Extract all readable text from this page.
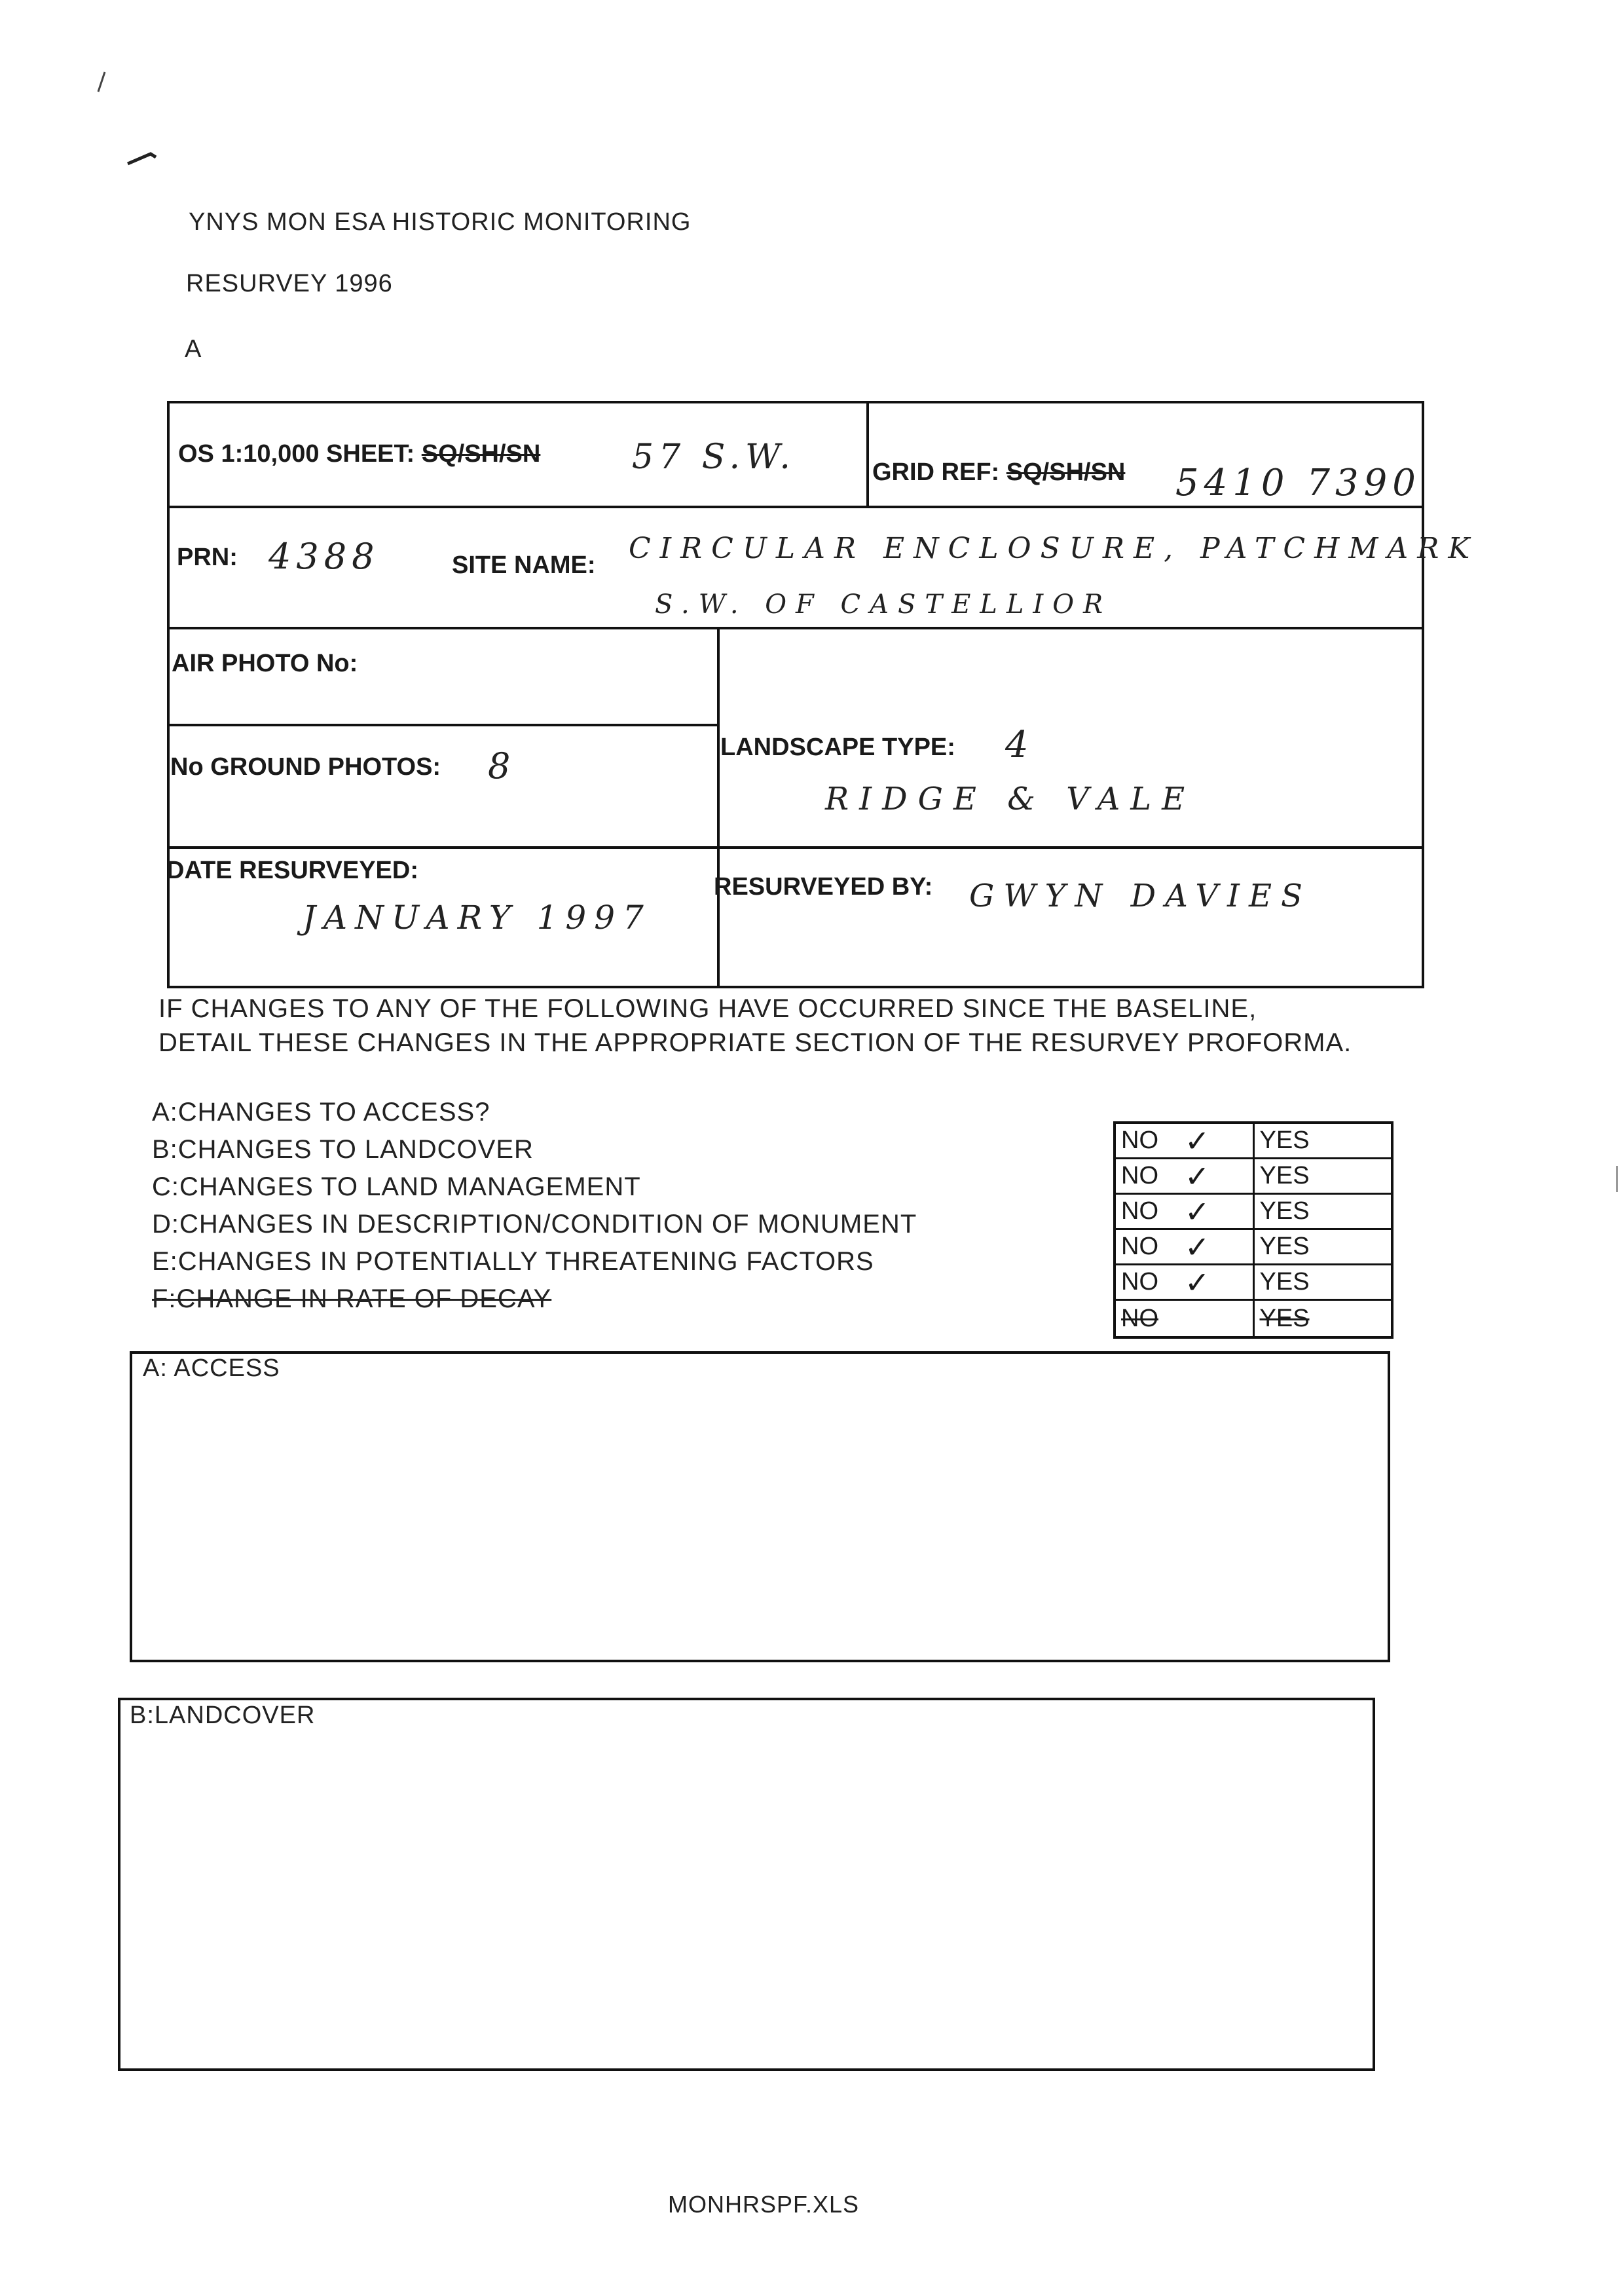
YNYS MON ESA HISTORIC MONITORING
RESURVEY 1996
A
OS 1:10,000 SHEET: SQ/SH/SN	57 S.W.	GRID REF: SQ/SH/SN 5410 7390
PRN: 4388	SITE NAME: CIRCULAR ENCLOSURE, PATCHMARK
S.W. OF CASTELLIOR
AIR PHOTO No:
No GROUND PHOTOS: 8	LANDSCAPE TYPE: 4
RIDGE & VALE
DATE RESURVEYED:
JANUARY 1997
RESURVEYED BY: GWYN DAVIES
IF CHANGES TO ANY OF THE FOLLOWING HAVE OCCURRED SINCE THE BASELINE,
DETAIL THESE CHANGES IN THE APPROPRIATE SECTION OF THE RESURVEY PROFORMA.
A:CHANGES TO ACCESS?
B:CHANGES TO LANDCOVER
C:CHANGES TO LAND MANAGEMENT
D:CHANGES IN DESCRIPTION/CONDITION OF MONUMENT
E:CHANGES IN POTENTIALLY THREATENING FACTORS
F:CHANGE IN RATE OF DECAY
NO ✓ YES
NO ✓ YES
NO ✓ YES
NO ✓ YES
NO ✓ YES
NO	YES
A: ACCESS
B:LANDCOVER
MONHRSPF.XLS
